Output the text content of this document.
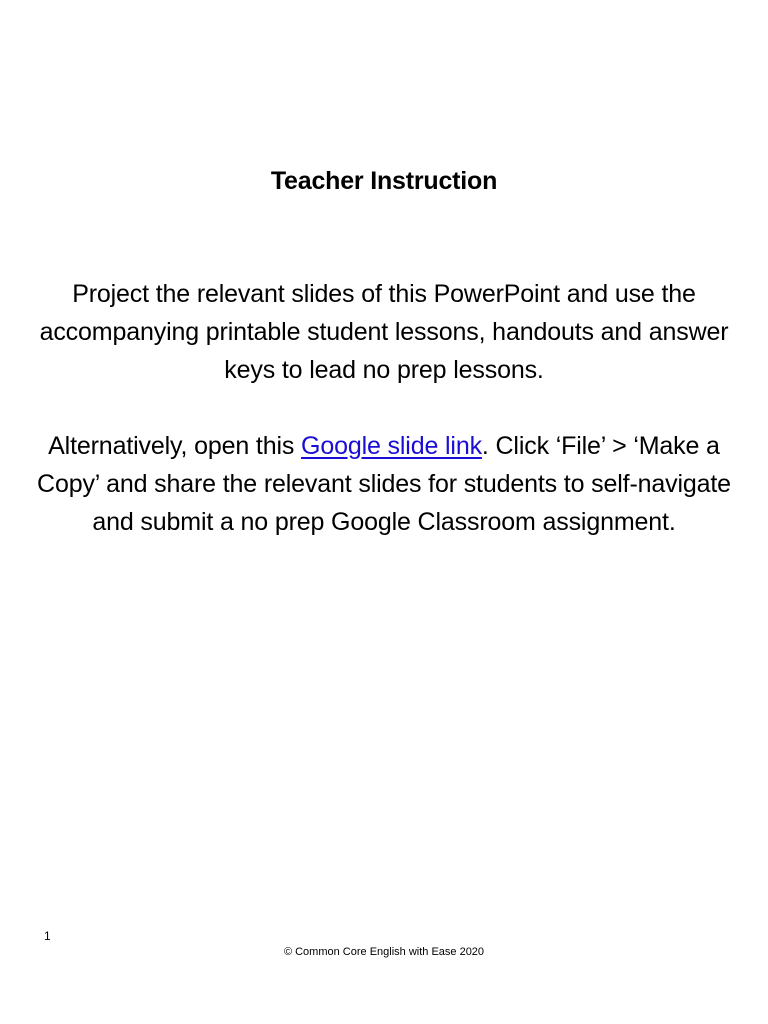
Teacher Instruction
Project the relevant slides of this PowerPoint and use the accompanying printable student lessons, handouts and answer keys to lead no prep lessons.
Alternatively, open this Google slide link. Click ‘File’ > ‘Make a Copy’ and share the relevant slides for students to self-navigate and submit a no prep Google Classroom assignment.
1
© Common Core English with Ease 2020
